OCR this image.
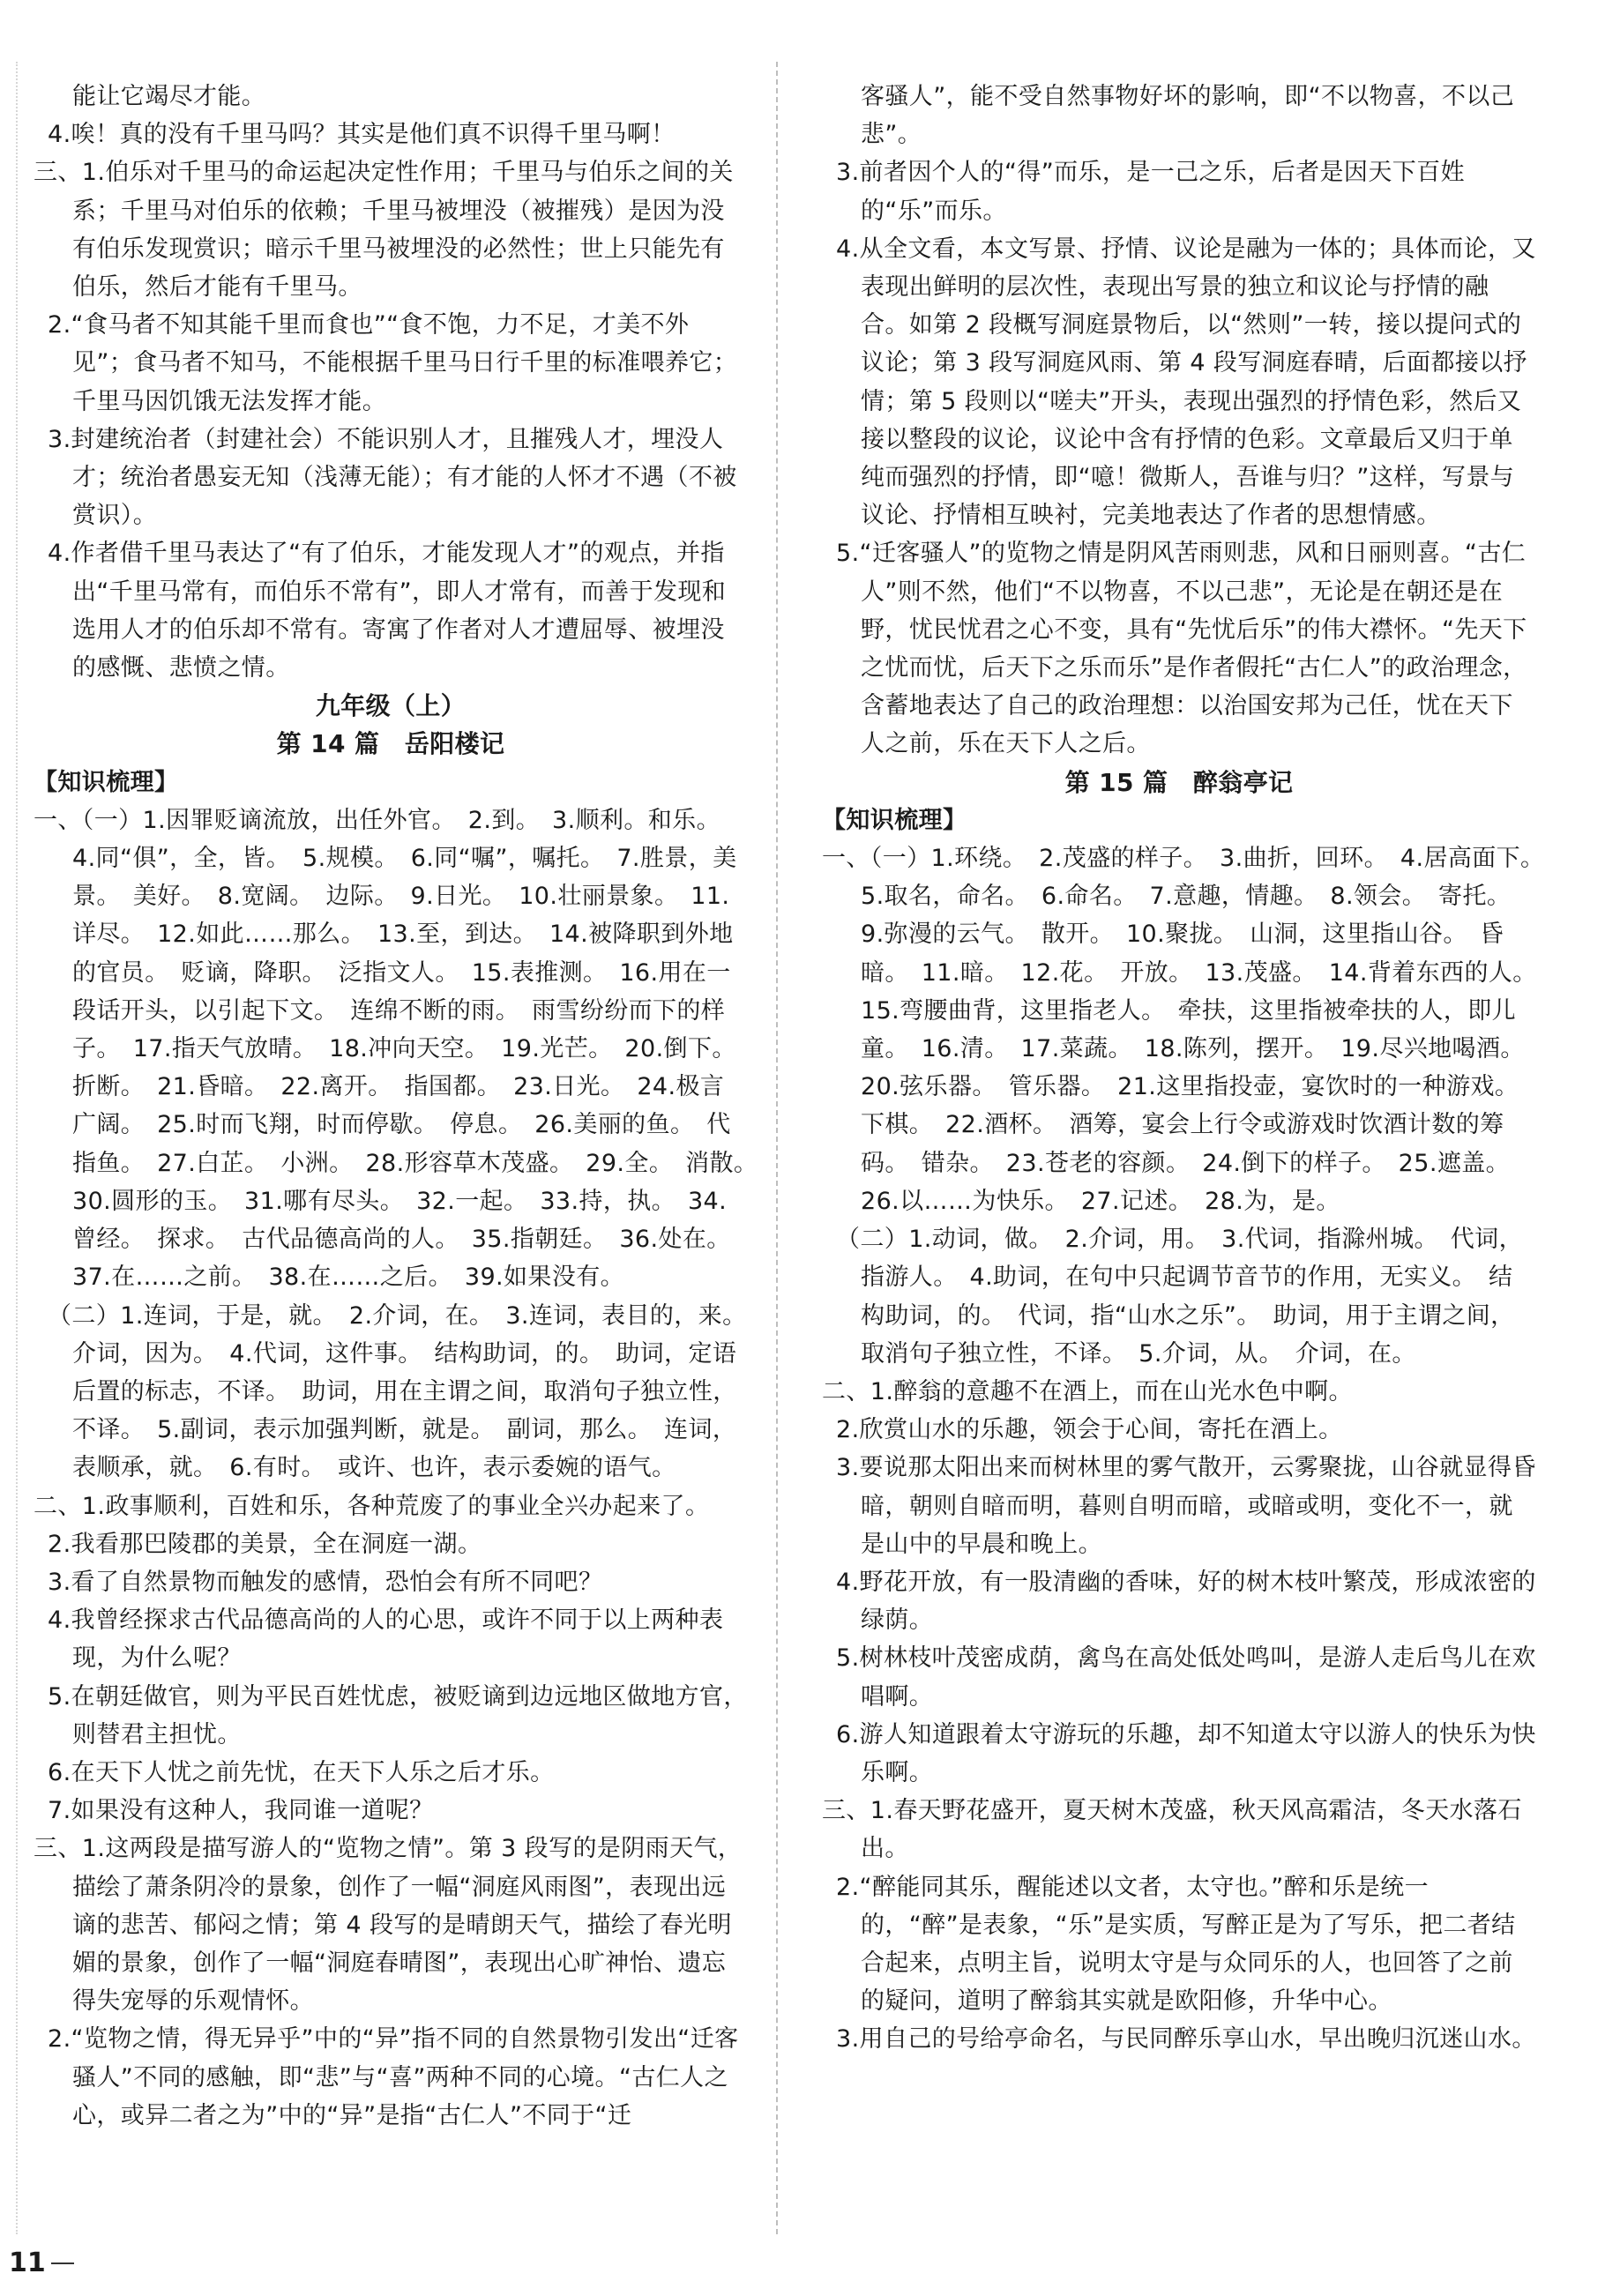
能让它竭尽才能。

4.唉！真的没有千里马吗？其实是他们真不识得千里马啊！

三、1.伯乐对千里马的命运起决定性作用；千里马与伯乐之间的关系；千里马对伯乐的依赖；千里马被埋没（被摧残）是因为没有伯乐发现赏识；暗示千里马被埋没的必然性；世上只能先有伯乐，然后才能有千里马。

2.“食马者不知其能千里而食也”“食不饱，力不足，才美不外见”；食马者不知马，不能根据千里马日行千里的标准喂养它；千里马因饥饿无法发挥才能。

3.封建统治者（封建社会）不能识别人才，且摧残人才，埋没人才；统治者愚妄无知（浅薄无能）；有才能的人怀才不遇（不被赏识）。

4.作者借千里马表达了“有了伯乐，才能发现人才”的观点，并指出“千里马常有，而伯乐不常有”，即人才常有，而善于发现和选用人才的伯乐却不常有。寄寓了作者对人才遭屈辱、被埋没的感慨、悲愤之情。

九年级（上）

第 14 篇　岳阳楼记

【知识梳理】

一、（一）1.因罪贬谪流放，出任外官。　2.到。　3.顺利。和乐。　4.同“俱”，全，皆。　5.规模。　6.同“嘱”，嘱托。　7.胜景，美景。　美好。　8.宽阔。　边际。　9.日光。　10.壮丽景象。　11.详尽。　12.如此……那么。　13.至，到达。　14.被降职到外地的官员。　贬谪，降职。　泛指文人。　15.表推测。　16.用在一段话开头，以引起下文。　连绵不断的雨。　雨雪纷纷而下的样子。　17.指天气放晴。　18.冲向天空。　19.光芒。　20.倒下。　折断。　21.昏暗。　22.离开。　指国都。　23.日光。　24.极言广阔。　25.时而飞翔，时而停歇。　停息。　26.美丽的鱼。　代指鱼。　27.白芷。　小洲。　28.形容草木茂盛。　29.全。　消散。　30.圆形的玉。　31.哪有尽头。　32.一起。　33.持，执。　34.曾经。　探求。　古代品德高尚的人。　35.指朝廷。　36.处在。　37.在……之前。　38.在……之后。　39.如果没有。

（二）1.连词，于是，就。　2.介词，在。　3.连词，表目的，来。介词，因为。　4.代词，这件事。　结构助词，的。　助词，定语后置的标志，不译。　助词，用在主谓之间，取消句子独立性，不译。　5.副词，表示加强判断，就是。　副词，那么。　连词，表顺承，就。　6.有时。　或许、也许，表示委婉的语气。

二、1.政事顺利，百姓和乐，各种荒废了的事业全兴办起来了。

2.我看那巴陵郡的美景，全在洞庭一湖。

3.看了自然景物而触发的感情，恐怕会有所不同吧？

4.我曾经探求古代品德高尚的人的心思，或许不同于以上两种表现，为什么呢？

5.在朝廷做官，则为平民百姓忧虑，被贬谪到边远地区做地方官，则替君主担忧。

6.在天下人忧之前先忧，在天下人乐之后才乐。

7.如果没有这种人，我同谁一道呢？

三、1.这两段是描写游人的“览物之情”。第 3 段写的是阴雨天气，描绘了萧条阴冷的景象，创作了一幅“洞庭风雨图”，表现出远谪的悲苦、郁闷之情；第 4 段写的是晴朗天气，描绘了春光明媚的景象，创作了一幅“洞庭春晴图”，表现出心旷神怡、遗忘得失宠辱的乐观情怀。

2.“览物之情，得无异乎”中的“异”指不同的自然景物引发出“迁客骚人”不同的感触，即“悲”与“喜”两种不同的心境。“古仁人之心，或异二者之为”中的“异”是指“古仁人”不同于“迁

客骚人”，能不受自然事物好坏的影响，即“不以物喜，不以己悲”。

3.前者因个人的“得”而乐，是一己之乐，后者是因天下百姓的“乐”而乐。

4.从全文看，本文写景、抒情、议论是融为一体的；具体而论，又表现出鲜明的层次性，表现出写景的独立和议论与抒情的融合。如第 2 段概写洞庭景物后，以“然则”一转，接以提问式的议论；第 3 段写洞庭风雨、第 4 段写洞庭春晴，后面都接以抒情；第 5 段则以“嗟夫”开头，表现出强烈的抒情色彩，然后又接以整段的议论，议论中含有抒情的色彩。文章最后又归于单纯而强烈的抒情，即“噫！微斯人，吾谁与归？”这样，写景与议论、抒情相互映衬，完美地表达了作者的思想情感。

5.“迁客骚人”的览物之情是阴风苦雨则悲，风和日丽则喜。“古仁人”则不然，他们“不以物喜，不以己悲”，无论是在朝还是在野，忧民忧君之心不变，具有“先忧后乐”的伟大襟怀。“先天下之忧而忧，后天下之乐而乐”是作者假托“古仁人”的政治理念，含蓄地表达了自己的政治理想：以治国安邦为己任，忧在天下人之前，乐在天下人之后。

第 15 篇　醉翁亭记

【知识梳理】

一、（一）1.环绕。　2.茂盛的样子。　3.曲折，回环。　4.居高面下。　5.取名，命名。　6.命名。　7.意趣，情趣。　8.领会。　寄托。　9.弥漫的云气。　散开。　10.聚拢。　山洞，这里指山谷。　昏暗。　11.暗。　12.花。　开放。　13.茂盛。　14.背着东西的人。　15.弯腰曲背，这里指老人。　牵扶，这里指被牵扶的人，即儿童。　16.清。　17.菜蔬。　18.陈列，摆开。　19.尽兴地喝酒。　20.弦乐器。　管乐器。　21.这里指投壶，宴饮时的一种游戏。　下棋。　22.酒杯。　酒筹，宴会上行令或游戏时饮酒计数的筹码。　错杂。　23.苍老的容颜。　24.倒下的样子。　25.遮盖。　26.以……为快乐。　27.记述。　28.为，是。

（二）1.动词，做。　2.介词，用。　3.代词，指滁州城。　代词，指游人。　4.助词，在句中只起调节音节的作用，无实义。　结构助词，的。　代词，指“山水之乐”。　助词，用于主谓之间，取消句子独立性，不译。　5.介词，从。　介词，在。

二、1.醉翁的意趣不在酒上，而在山光水色中啊。

2.欣赏山水的乐趣，领会于心间，寄托在酒上。

3.要说那太阳出来而树林里的雾气散开，云雾聚拢，山谷就显得昏暗，朝则自暗而明，暮则自明而暗，或暗或明，变化不一，就是山中的早晨和晚上。

4.野花开放，有一股清幽的香味，好的树木枝叶繁茂，形成浓密的绿荫。

5.树林枝叶茂密成荫，禽鸟在高处低处鸣叫，是游人走后鸟儿在欢唱啊。

6.游人知道跟着太守游玩的乐趣，却不知道太守以游人的快乐为快乐啊。

三、1.春天野花盛开，夏天树木茂盛，秋天风高霜洁，冬天水落石出。

2.“醉能同其乐，醒能述以文者，太守也。”醉和乐是统一的，“醉”是表象，“乐”是实质，写醉正是为了写乐，把二者结合起来，点明主旨，说明太守是与众同乐的人，也回答了之前的疑问，道明了醉翁其实就是欧阳修，升华中心。

3.用自己的号给亭命名，与民同醉乐享山水，早出晚归沉迷山水。

11
